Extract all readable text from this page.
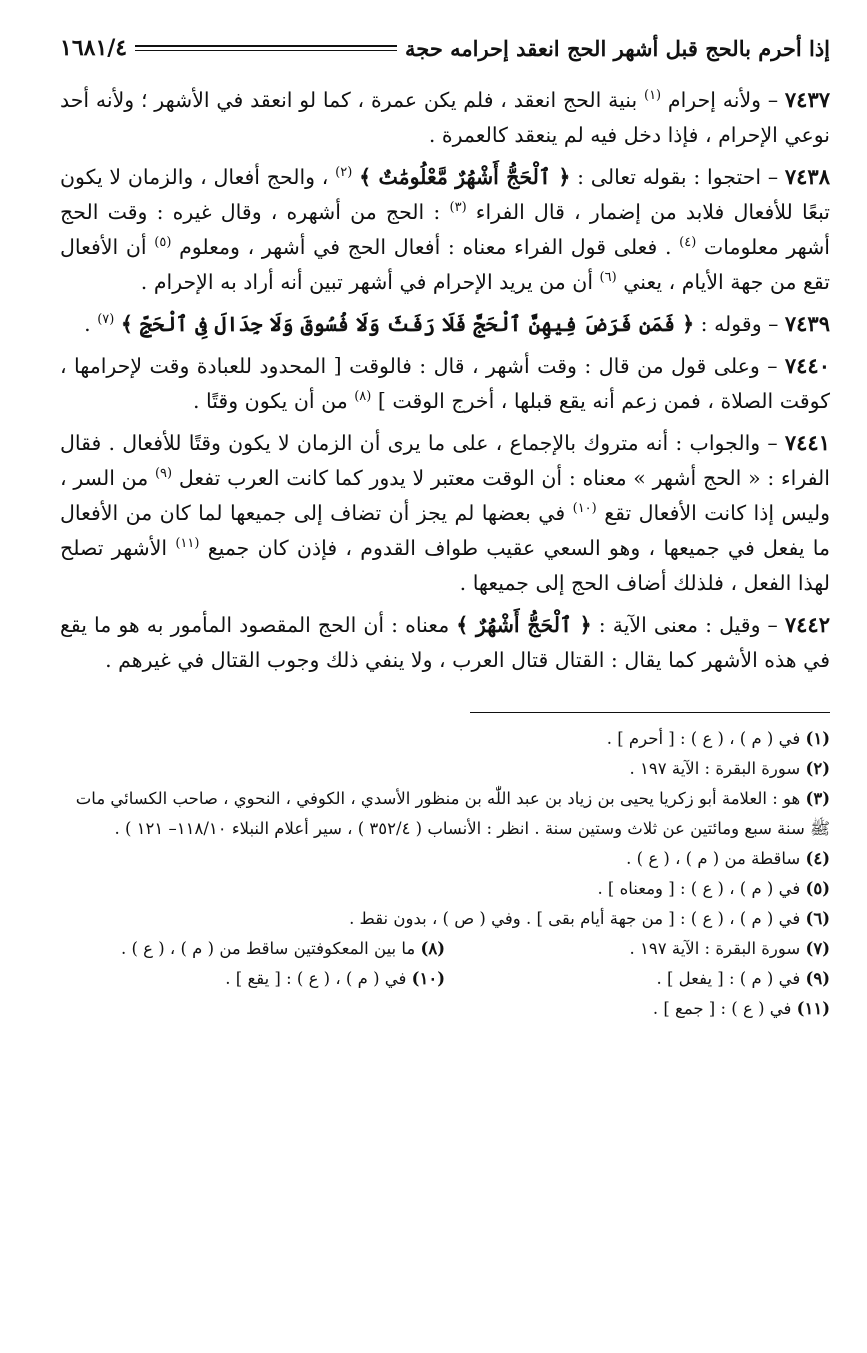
إذا أحرم بالحج قبل أشهر الحج انعقد إحرامه حجة
١٦٨١/٤

٧٤٣٧ – ولأنه إحرام $^{(١)}$ بنية الحج انعقد ، فلم يكن عمرة ، كما لو انعقد في الأشهر ؛ ولأنه أحد نوعي الإحرام ، فإذا دخل فيه لم ينعقد كالعمرة .

٧٤٣٨ – احتجوا : بقوله تعالى : ﴿ ٱلْحَجُّ أَشْهُرٌ مَّعْلُومَٰتٌ ﴾ $^{(٢)}$ ، والحج أفعال ، والزمان لا يكون تبعًا للأفعال فلابد من إضمار ، قال الفراء $^{(٣)}$ : الحج من أشهره ، وقال غيره : وقت الحج أشهر معلومات $^{(٤)}$ . فعلى قول الفراء معناه : أفعال الحج في أشهر ، ومعلوم $^{(٥)}$ أن الأفعال تقع من جهة الأيام ، يعني $^{(٦)}$ أن من يريد الإحرام في أشهر تبين أنه أراد به الإحرام .

٧٤٣٩ – وقوله : ﴿ فَمَن فَرَضَ فِيهِنَّ ٱلْحَجَّ فَلَا رَفَثَ وَلَا فُسُوقَ وَلَا جِدَالَ فِى ٱلْحَجِّ ﴾ $^{(٧)}$ .

٧٤٤٠ – وعلى قول من قال : وقت أشهر ، قال : فالوقت [ المحدود للعبادة وقت لإحرامها ، كوقت الصلاة ، فمن زعم أنه يقع قبلها ، أخرج الوقت ] $^{(٨)}$ من أن يكون وقتًا .

٧٤٤١ – والجواب : أنه متروك بالإجماع ، على ما يرى أن الزمان لا يكون وقتًا للأفعال . فقال الفراء : « الحج أشهر » معناه : أن الوقت معتبر لا يدور كما كانت العرب تفعل $^{(٩)}$ من السر ، وليس إذا كانت الأفعال تقع $^{(١٠)}$ في بعضها لم يجز أن تضاف إلى جميعها لما كان من الأفعال ما يفعل في جميعها ، وهو السعي عقيب طواف القدوم ، فإذن كان جميع $^{(١١)}$ الأشهر تصلح لهذا الفعل ، فلذلك أضاف الحج إلى جميعها .

٧٤٤٢ – وقيل : معنى الآية : ﴿ ٱلْحَجُّ أَشْهُرٌ ﴾ معناه : أن الحج المقصود المأمور به هو ما يقع في هذه الأشهر كما يقال : القتال قتال العرب ، ولا ينفي ذلك وجوب القتال في غيرهم .

(١) في ( م ) ، ( ع ) : [ أحرم ] .

(٢) سورة البقرة : الآية ١٩٧ .

(٣) هو : العلامة أبو زكريا يحيى بن زياد بن عبد اللّٰه بن منظور الأسدي ، الكوفي ، النحوي ، صاحب الكسائي مات ﷺ سنة سبع ومائتين عن ثلاث وستين سنة . انظر : الأنساب ( ٣٥٢/٤ ) ، سير أعلام النبلاء ١١٨/١٠– ١٢١ ) .

(٤) ساقطة من ( م ) ، ( ع ) .

(٥) في ( م ) ، ( ع ) : [ ومعناه ] .

(٦) في ( م ) ، ( ع ) : [ من جهة أيام بقى ] . وفي ( ص ) ، بدون نقط .

(٧) سورة البقرة : الآية ١٩٧ .

(٨) ما بين المعكوفتين ساقط من ( م ) ، ( ع ) .

(٩) في ( م ) : [ يفعل ] .

(١٠) في ( م ) ، ( ع ) : [ يقع ] .

(١١) في ( ع ) : [ جمع ] .
